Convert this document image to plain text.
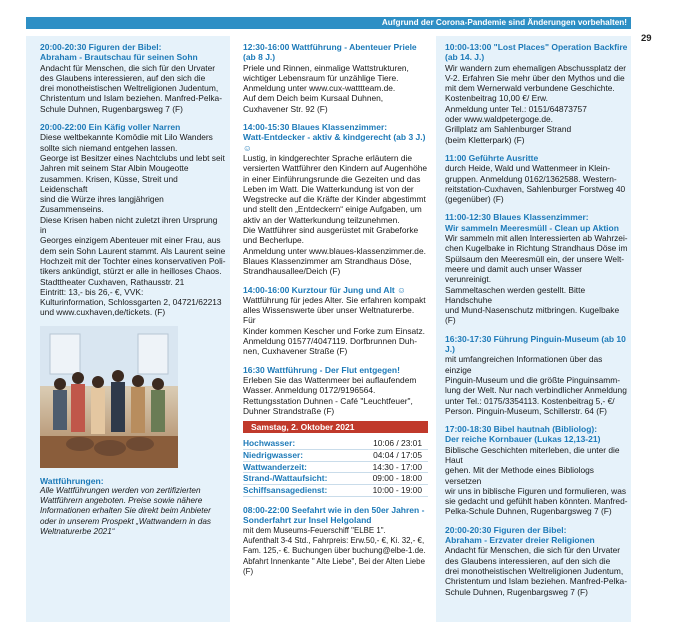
Aufgrund der Corona-Pandemie sind Änderungen vorbehalten!
29
20:00-20:30 Figuren der Bibel:
Abraham - Brautschau für seinen Sohn
Andacht für Menschen, die sich für den Urvater
des Glaubens interessieren, auf den sich die
drei monotheistischen Weltreligionen Judentum,
Christentum und Islam beziehen. Manfred-Pelka-
Schule Duhnen, Rugenbargsweg 7 (F)
20:00-22:00 Ein Käfig voller Narren
Diese weltbekannte Komödie mit Lilo Wanders
sollte sich niemand entgehen lassen.
George ist Besitzer eines Nachtclubs und lebt seit
Jahren mit seinem Star Albin Mougeotte
zusammen. Krisen, Küsse, Streit und Leidenschaft
sind die Würze ihres langjährigen Zusammenseins.
Diese Krisen haben nicht zuletzt ihren Ursprung in
Georges einzigem Abenteuer mit einer Frau, aus
dem sein Sohn Laurent stammt. Als Laurent seine
Hochzeit mit der Tochter eines konservativen Poli-
tikers ankündigt, stürzt er alle in heilloses Chaos.
Stadttheater Cuxhaven, Rathausstr. 21
Eintritt: 13,- bis 26,- €, VVK:
Kulturinformation, Schlossgarten 2, 04721/62213
und www.cuxhaven,de/tickets. (F)
Wattführungen:
Alle Wattführungen werden von zertifizierten
Wattführern angeboten. Preise sowie nähere
Informationen erhalten Sie direkt beim Anbieter
oder in unserem Prospekt „Wattwandern in das
Weltnaturerbe 2021“
12:30-16:00 Wattführung - Abenteuer Priele (ab 8 J.)
Priele und Rinnen, einmalige Wattstrukturen,
wichtiger Lebensraum für unzählige Tiere.
Anmeldung unter www.cux-watttteam.de.
Auf dem Deich beim Kursaal Duhnen,
Cuxhavener Str. 92 (F)
14:00-15:30 Blaues Klassenzimmer:
Watt-Entdecker - aktiv & kindgerecht (ab 3 J.) ☺
Lustig, in kindgerechter Sprache erläutern die
versierten Wattführer den Kindern auf Augenhöhe
in einer Einführungsrunde die Gezeiten und das
Leben im Watt. Die Watterkundung ist von der
Wegstrecke auf die Kräfte der Kinder abgestimmt
und stellt den „Entdeckern“ einige Aufgaben, um
aktiv an der Watterkundung teilzunehmen.
Die Wattführer sind ausgerüstet mit Grabeforke
und Becherlupe.
Anmeldung unter www.blaues-klassenzimmer.de.
Blaues Klassenzimmer am Strandhaus Döse,
Strandhausallee/Deich (F)
14:00-16:00 Kurztour für Jung und Alt ☺
Wattführung für jedes Alter. Sie erfahren kompakt
alles Wissenswerte über unser Weltnaturerbe. Für
Kinder kommen Kescher und Forke zum Einsatz.
Anmeldung 01577/4047119. Dorfbrunnen Duh-
nen, Cuxhavener Straße (F)
16:30 Wattführung - Der Flut entgegen!
Erleben Sie das Wattenmeer bei auflaufendem
Wasser. Anmeldung 0172/9196564.
Rettungsstation Duhnen - Café "Leuchtfeuer",
Duhner Strandstraße (F)
Samstag, 2. Oktober 2021
Hochwasser:	10:06 / 23:01
Niedrigwasser:	04:04 / 17:05
Wattwanderzeit:	14:30 - 17:00
Strand-/Wattaufsicht:	09:00 - 18:00
Schiffsansagedienst:	10:00 - 19:00
08:00-22:00 Seefahrt wie in den 50er Jahren -
Sonderfahrt zur Insel Helgoland
mit dem Museums-Feuerschiff "ELBE 1".
Aufenthalt 3-4 Std., Fahrpreis: Erw.50,- €, Ki. 32,- €,
Fam. 125,- €. Buchungen über buchung@elbe-1.de.
Abfahrt Innenkante " Alte Liebe", Bei der Alten Liebe (F)
10:00-13:00 "Lost Places" Operation Backfire
(ab 14. J.)
Wir wandern zum ehemaligen Abschussplatz der
V-2. Erfahren Sie mehr über den Mythos und die
mit dem Wernerwald verbundene Geschichte.
Kostenbeitrag 10,00 €/ Erw.
Anmeldung unter Tel.: 0151/64873757
oder www.waldpetergoge.de.
Grillplatz am Sahlenburger Strand
(beim Kletterpark) (F)
11:00 Geführte Ausritte
durch Heide, Wald und Wattenmeer in Klein-
gruppen. Anmeldung 0162/1362588. Western-
reitstation-Cuxhaven, Sahlenburger Forstweg 40
(gegenüber) (F)
11:00-12:30 Blaues Klassenzimmer:
Wir sammeln Meeresmüll - Clean up Aktion
Wir sammeln mit allen Interessierten ab Wahrzei-
chen Kugelbake in Richtung Strandhaus Döse im
Spülsaum den Meeresmüll ein, der unsere Welt-
meere und damit auch unser Wasser verunreinigt.
Sammeltaschen werden gestellt. Bitte Handschuhe
und Mund-Nasenschutz mitbringen. Kugelbake (F)
16:30-17:30 Führung Pinguin-Museum (ab 10 J.)
mit umfangreichen Informationen über das einzige
Pinguin-Museum und die größte Pinguinsamm-
lung der Welt. Nur nach verbindlicher Anmeldung
unter Tel.: 0175/3354113. Kostenbeitrag 5,- €/
Person. Pinguin-Museum, Schillerstr. 64 (F)
17:00-18:30 Bibel hautnah (Bibliolog):
Der reiche Kornbauer (Lukas 12,13-21)
Biblische Geschichten miterleben, die unter die Haut
gehen. Mit der Methode eines Bibliologs versetzen
wir uns in biblische Figuren und formulieren, was
sie gedacht und gefühlt haben könnten. Manfred-
Pelka-Schule Duhnen, Rugenbargsweg 7 (F)
20:00-20:30 Figuren der Bibel:
Abraham - Erzvater dreier Religionen
Andacht für Menschen, die sich für den Urvater
des Glaubens interessieren, auf den sich die
drei monotheistischen Weltreligionen Judentum,
Christentum und Islam beziehen. Manfred-Pelka-
Schule Duhnen, Rugenbargsweg 7 (F)
